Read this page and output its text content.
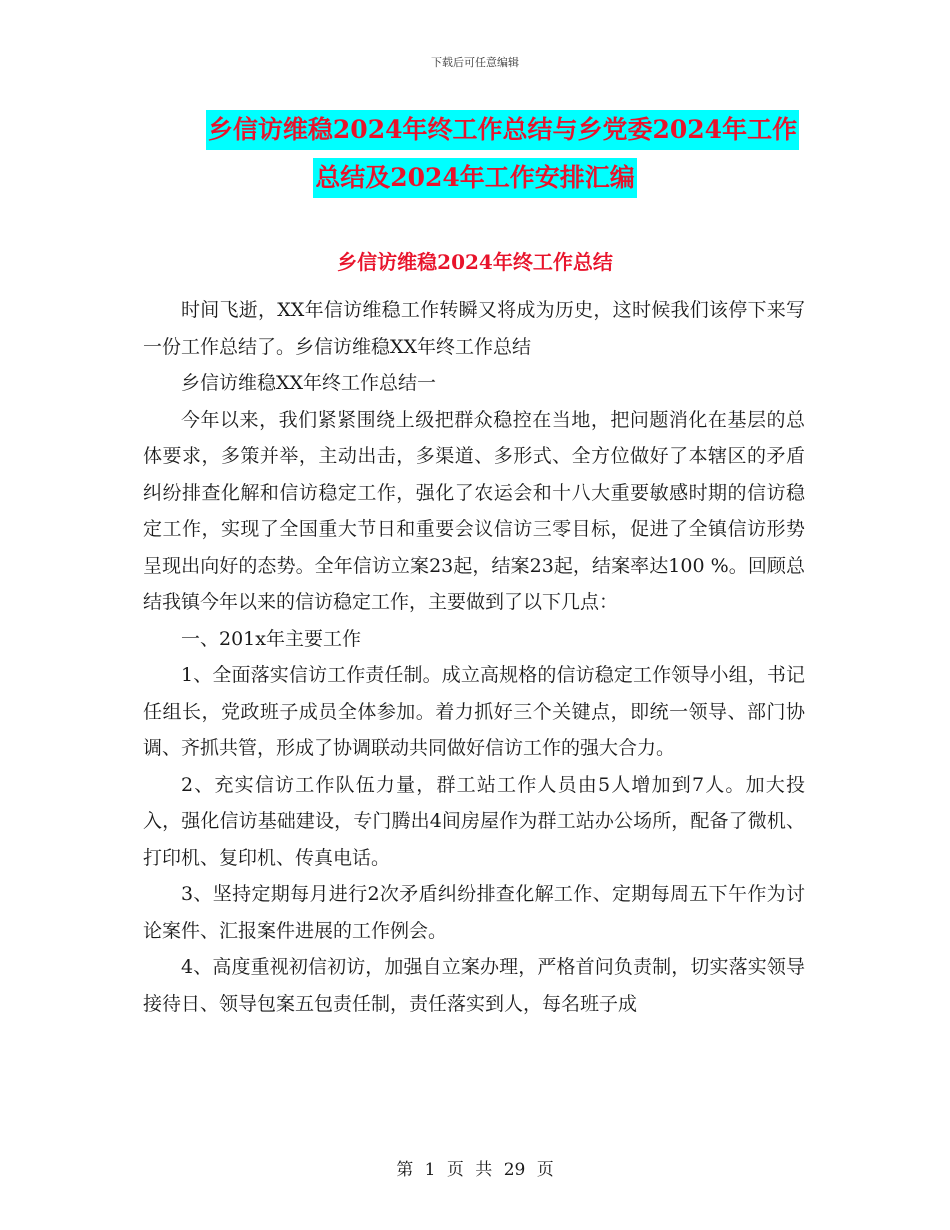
下载后可任意编辑
乡信访维稳2024年终工作总结与乡党委2024年工作
总结及2024年工作安排汇编
乡信访维稳2024年终工作总结

时间飞逝，XX年信访维稳工作转瞬又将成为历史，这时候我们该停下来写一份工作总结了。乡信访维稳XX年终工作总结

乡信访维稳XX年终工作总结一

今年以来，我们紧紧围绕上级把群众稳控在当地，把问题消化在基层的总体要求，多策并举，主动出击，多渠道、多形式、全方位做好了本辖区的矛盾纠纷排查化解和信访稳定工作，强化了农运会和十八大重要敏感时期的信访稳定工作，实现了全国重大节日和重要会议信访三零目标，促进了全镇信访形势呈现出向好的态势。全年信访立案23起，结案23起，结案率达100 %。回顾总结我镇今年以来的信访稳定工作，主要做到了以下几点：

一、201x年主要工作

1、全面落实信访工作责任制。成立高规格的信访稳定工作领导小组，书记任组长，党政班子成员全体参加。着力抓好三个关键点，即统一领导、部门协调、齐抓共管，形成了协调联动共同做好信访工作的强大合力。

2、充实信访工作队伍力量，群工站工作人员由5人增加到7人。加大投入，强化信访基础建设，专门腾出4间房屋作为群工站办公场所，配备了微机、打印机、复印机、传真电话。

3、坚持定期每月进行2次矛盾纠纷排查化解工作、定期每周五下午作为讨论案件、汇报案件进展的工作例会。

4、高度重视初信初访，加强自立案办理，严格首问负责制，切实落实领导接待日、领导包案五包责任制，责任落实到人，每名班子成

第 1 页 共 29 页
